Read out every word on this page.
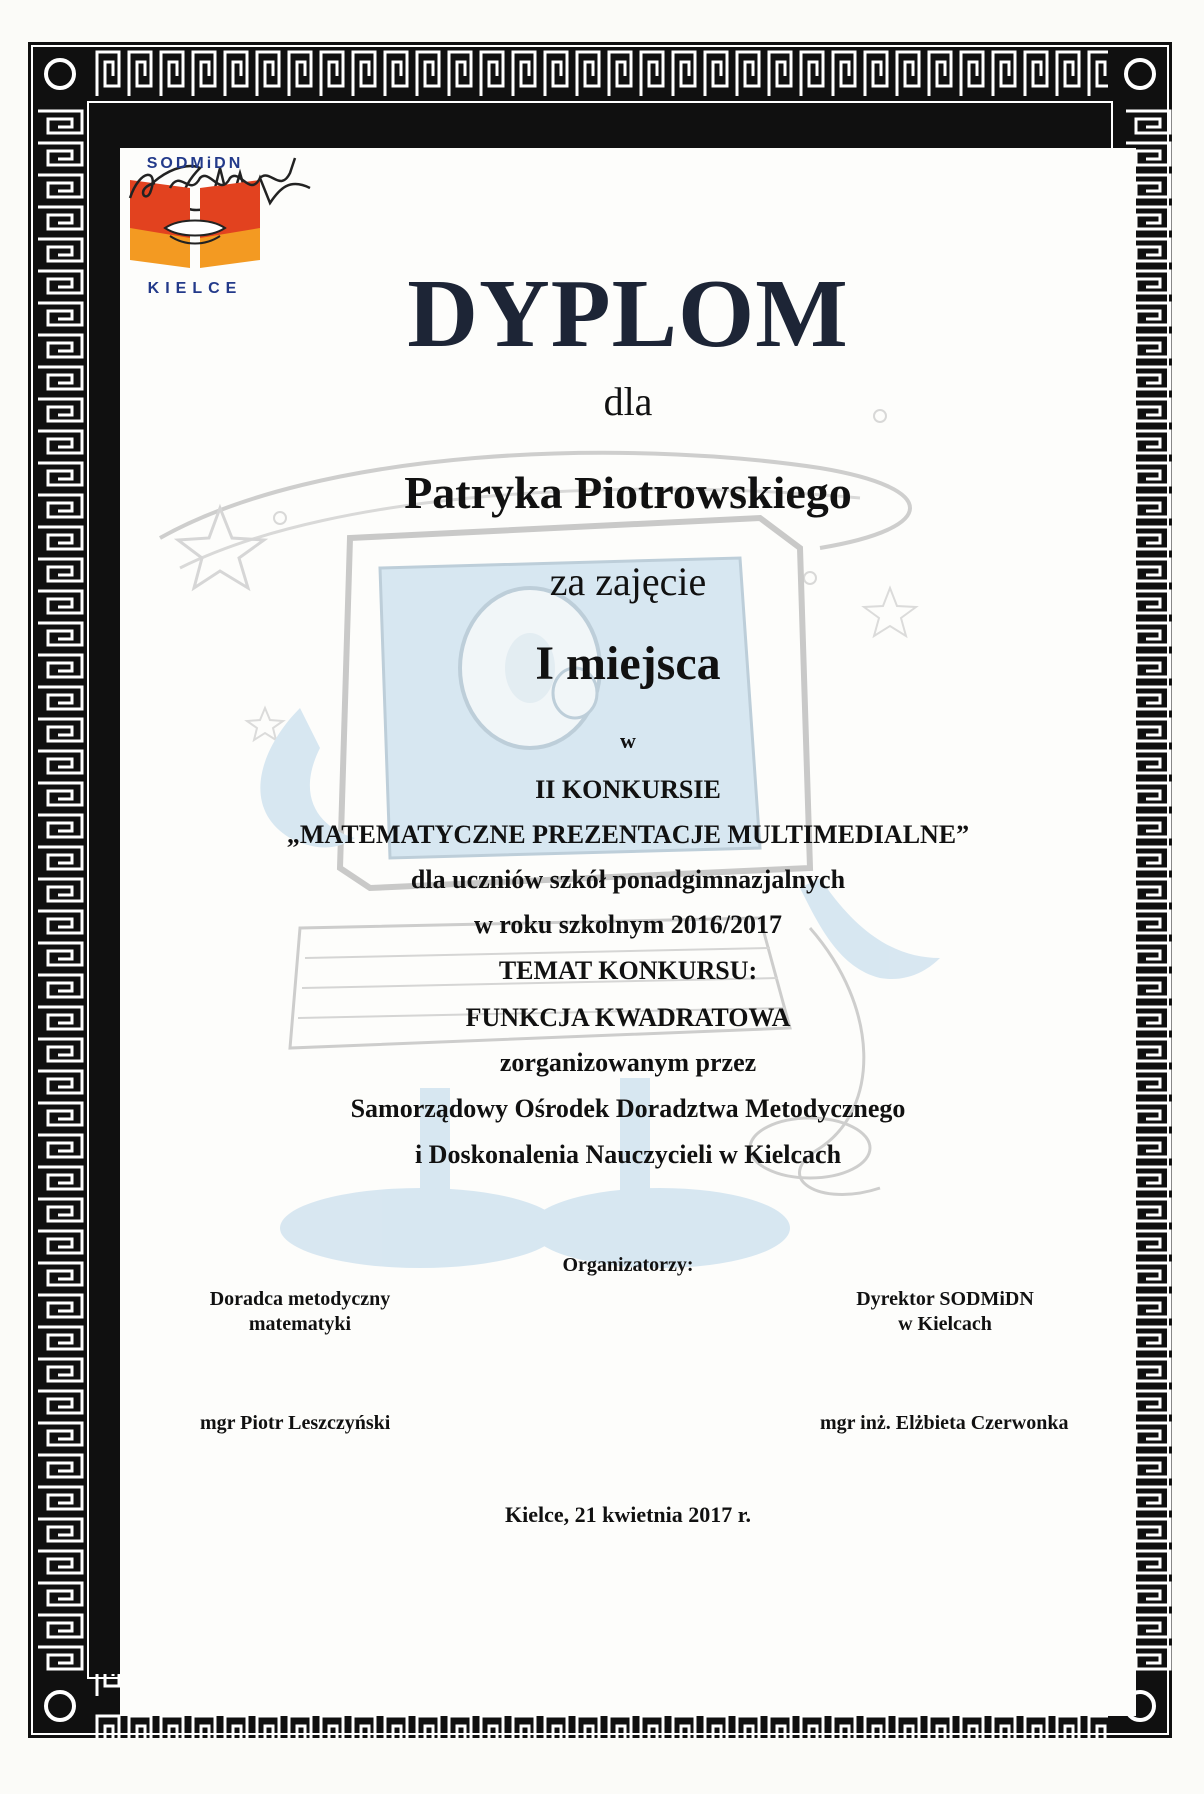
DYPLOM
dla
Patryka Piotrowskiego
za zajęcie
I miejsca
w
II KONKURSIE
„MATEMATYCZNE PREZENTACJE MULTIMEDIALNE”
dla uczniów szkół ponadgimnazjalnych
w roku szkolnym 2016/2017
TEMAT KONKURSU:
FUNKCJA KWADRATOWA
zorganizowanym przez
Samorządowy Ośrodek Doradztwa Metodycznego
i Doskonalenia Nauczycieli w Kielcach
Organizatorzy:
Doradca metodyczny
matematyki
mgr Piotr Leszczyński
SODMiDN
KIELCE
Dyrektor SODMiDN
w Kielcach
mgr inż. Elżbieta Czerwonka
Kielce, 21 kwietnia 2017 r.
